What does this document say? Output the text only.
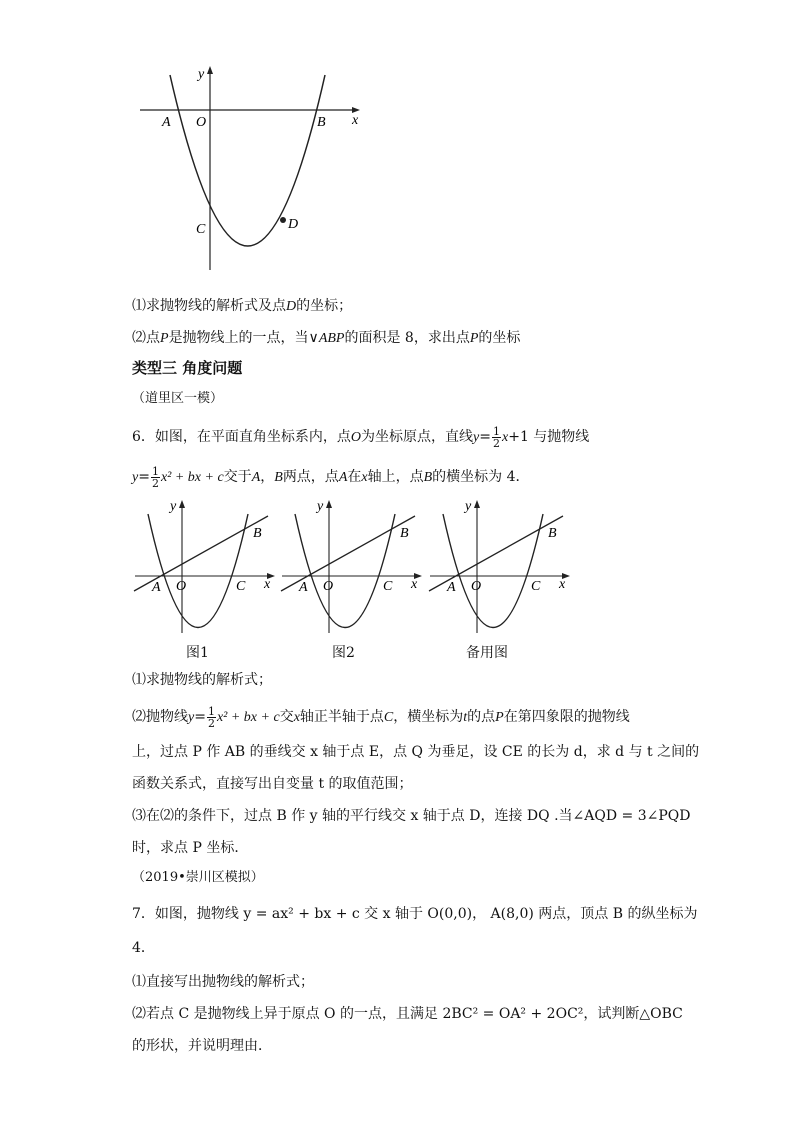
x
y
A O	B
C	D
⑴求抛物线的解析式及点D的坐标；
⑵点P是抛物线上的一点，当∨ABP的面积是 8，求出点P的坐标
类型三 角度问题
（道里区一模）
6．如图，在平面直角坐标系内，点O为坐标原点，直线$y= \frac{1}{2} x+1$ 与抛物线
$y= \frac{1}{2} x^2$ + bx + c交于A，B两点，点A在x轴上，点B的横坐标为 4．
y
x
A O	C
B
图1
y
x
A O	C
B
图2
y
x
A O	C
B
备用图
⑴求抛物线的解析式；
⑵抛物线$y= \frac{1}{2} x^2$ + bx + c交x轴正半轴于点C，横坐标为t的点P在第四象限的抛物线
上，过点 P 作 AB 的垂线交 x 轴于点 E，点 Q 为垂足，设 CE 的长为 d，求 d 与 t 之间的
函数关系式，直接写出自变量 t 的取值范围；
⑶在⑵的条件下，过点 B 作 y 轴的平行线交 x 轴于点 D，连接 DQ .当∠AQD = 3∠PQD
时，求点 P 坐标．
（2019•崇川区模拟）
7．如图，抛物线 y = ax² + bx + c 交 x 轴于 O(0,0)， A(8,0) 两点，顶点 B 的纵坐标为
4．
⑴直接写出抛物线的解析式；
⑵若点 C 是抛物线上异于原点 O 的一点，且满足 2BC² = OA² + 2OC²，试判断△OBC
的形状，并说明理由．
